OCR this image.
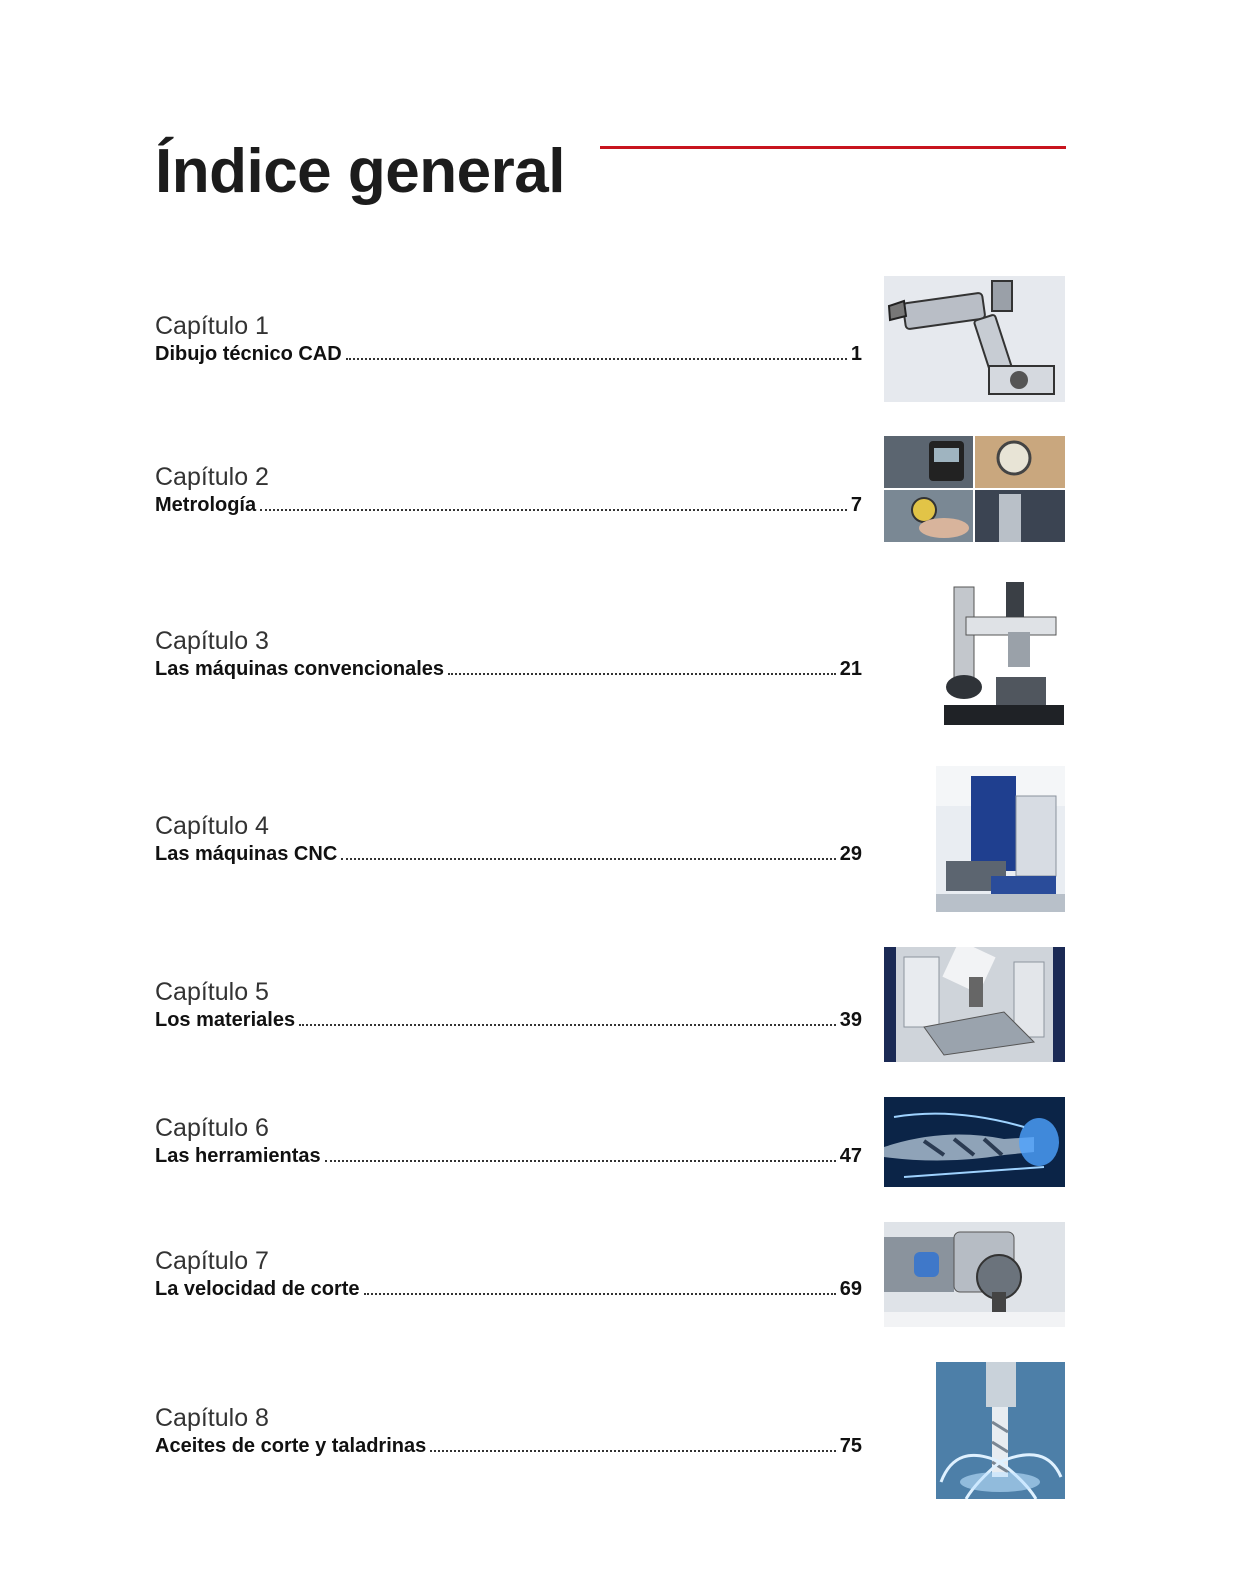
Índice general
Capítulo 1
Dibujo técnico CAD	1
Capítulo 2
Metrología	7
Capítulo 3
Las máquinas convencionales	21
Capítulo 4
Las máquinas CNC	29
Capítulo 5
Los materiales	39
Capítulo 6
Las herramientas	47
Capítulo 7
La velocidad de corte	69
Capítulo 8
Aceites de corte y taladrinas	75
